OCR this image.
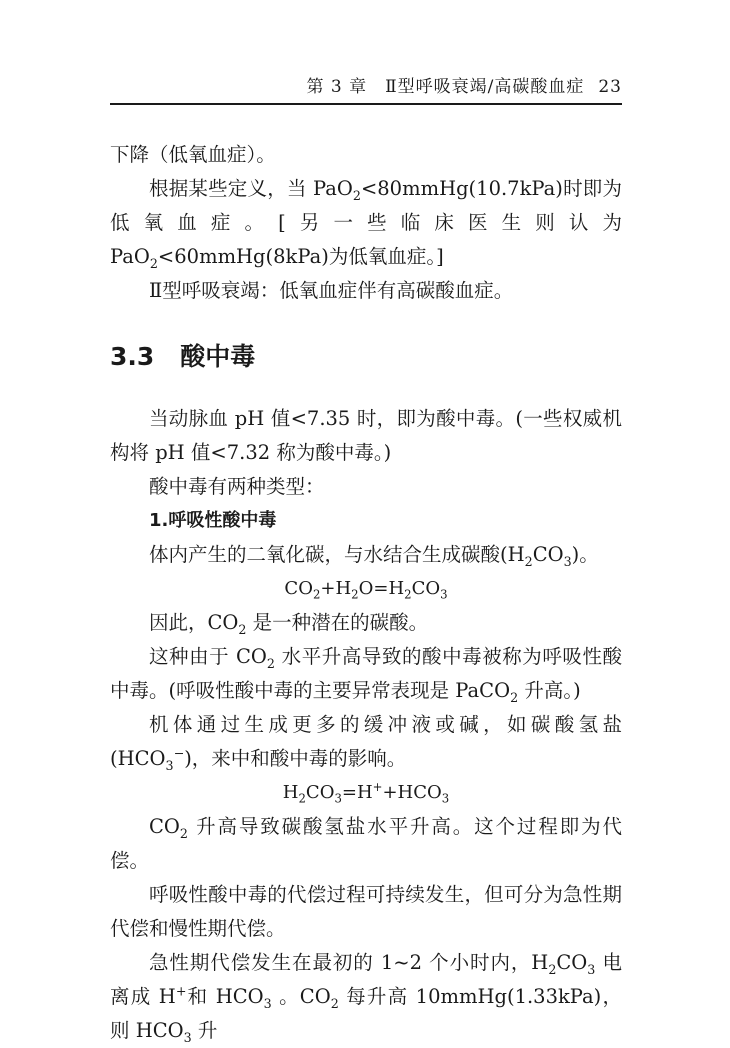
第 3 章　Ⅱ型呼吸衰竭/高碳酸血症 23

下降（低氧血症）。

根据某些定义，当 PaO$_2$<80mmHg(10.7kPa)时即为低氧血症。[另一些临床医生则认为 PaO$_2$<60mmHg(8kPa)为低氧血症。]

Ⅱ型呼吸衰竭：低氧血症伴有高碳酸血症。

3.3 酸中毒

当动脉血 pH 值<7.35 时，即为酸中毒。(一些权威机构将 pH 值<7.32 称为酸中毒。)

酸中毒有两种类型：

1.呼吸性酸中毒

体内产生的二氧化碳，与水结合生成碳酸$(H_2CO_3)$。

$CO_2+H_2O=H_2CO_3$

因此，$CO_2$ 是一种潜在的碳酸。

这种由于 $CO_2$ 水平升高导致的酸中毒被称为呼吸性酸中毒。(呼吸性酸中毒的主要异常表现是 PaCO$_2$ 升高。)

机体通过生成更多的缓冲液或碱，如碳酸氢盐$(HCO_3^-)$，来中和酸中毒的影响。

$H_2CO_3=H^++HCO_3$

$CO_2$ 升高导致碳酸氢盐水平升高。这个过程即为代偿。

呼吸性酸中毒的代偿过程可持续发生，但可分为急性期代偿和慢性期代偿。

急性期代偿发生在最初的 1~2 个小时内，$H_2CO_3$ 电离成 H+和 $HCO_3$ 。$CO_2$ 每升高 10mmHg(1.33kPa)，则 $HCO_3$ 升
